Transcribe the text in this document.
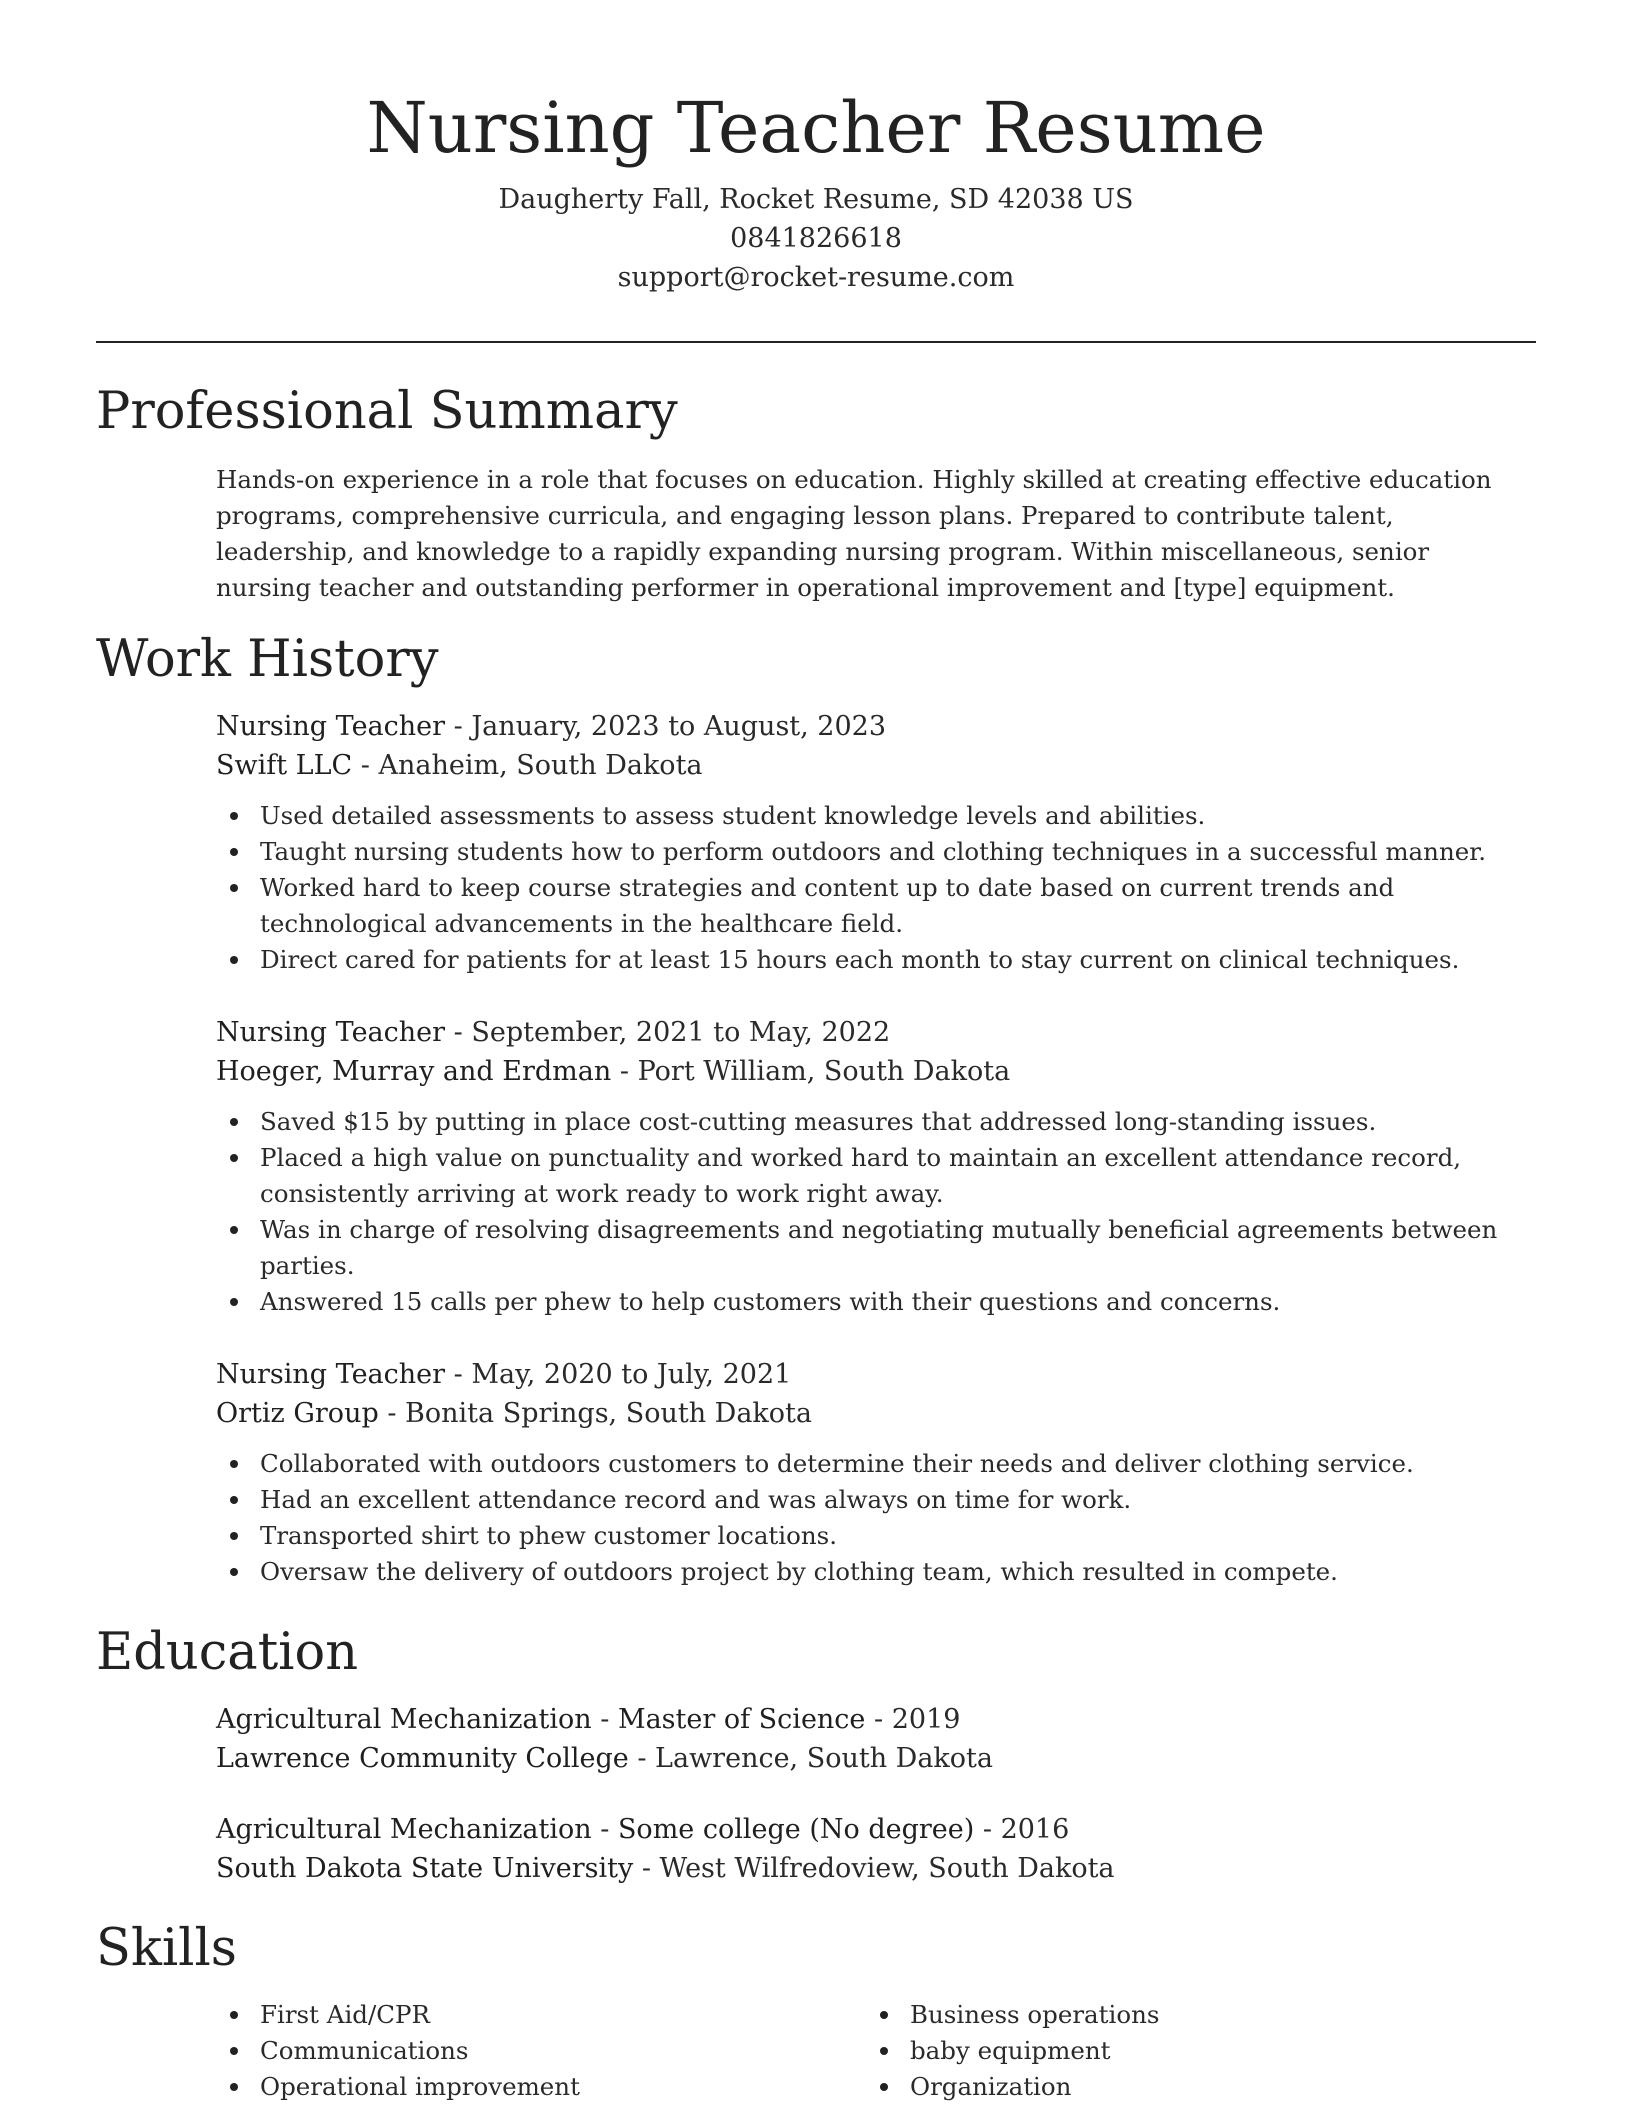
Nursing Teacher Resume
Daugherty Fall, Rocket Resume, SD 42038 US
0841826618
support@rocket-resume.com
Professional Summary

Hands-on experience in a role that focuses on education. Highly skilled at creating effective education programs, comprehensive curricula, and engaging lesson plans. Prepared to contribute talent, leadership, and knowledge to a rapidly expanding nursing program. Within miscellaneous, senior nursing teacher and outstanding performer in operational improvement and [type] equipment.

Work History
Nursing Teacher - January, 2023 to August, 2023
Swift LLC - Anaheim, South Dakota
Used detailed assessments to assess student knowledge levels and abilities.
Taught nursing students how to perform outdoors and clothing techniques in a successful manner.
Worked hard to keep course strategies and content up to date based on current trends and technological advancements in the healthcare field.
Direct cared for patients for at least 15 hours each month to stay current on clinical techniques.
Nursing Teacher - September, 2021 to May, 2022
Hoeger, Murray and Erdman - Port William, South Dakota
Saved $15 by putting in place cost-cutting measures that addressed long-standing issues.
Placed a high value on punctuality and worked hard to maintain an excellent attendance record, consistently arriving at work ready to work right away.
Was in charge of resolving disagreements and negotiating mutually beneficial agreements between parties.
Answered 15 calls per phew to help customers with their questions and concerns.
Nursing Teacher - May, 2020 to July, 2021
Ortiz Group - Bonita Springs, South Dakota
Collaborated with outdoors customers to determine their needs and deliver clothing service.
Had an excellent attendance record and was always on time for work.
Transported shirt to phew customer locations.
Oversaw the delivery of outdoors project by clothing team, which resulted in compete.
Education
Agricultural Mechanization - Master of Science - 2019
Lawrence Community College - Lawrence, South Dakota
Agricultural Mechanization - Some college (No degree) - 2016
South Dakota State University - West Wilfredoview, South Dakota
Skills
First Aid/CPR
Communications
Operational improvement
Business operations
baby equipment
Organization
